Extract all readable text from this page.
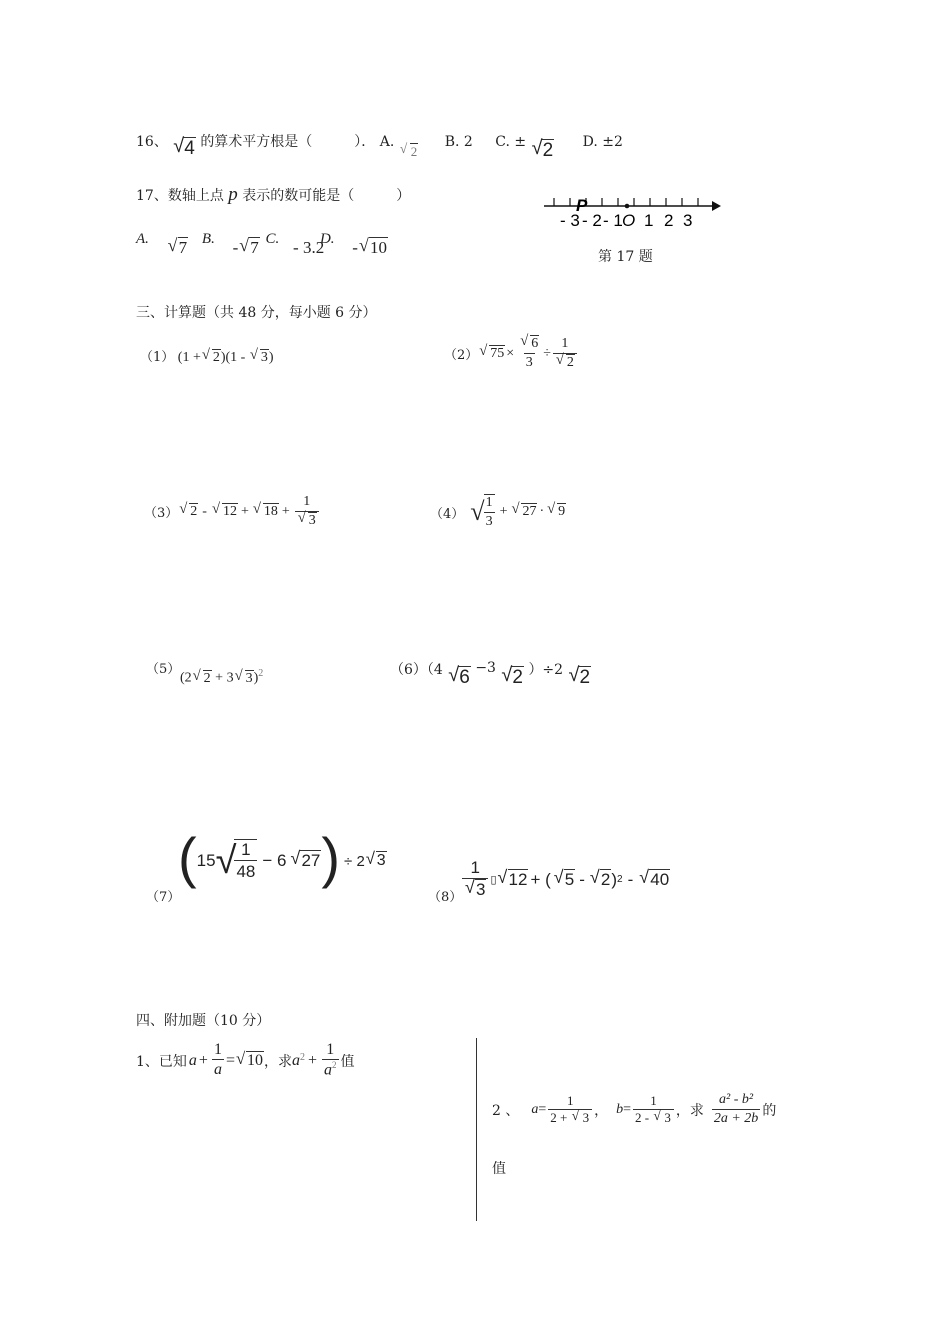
16、 √ 4 的算术平方根是（　　　）． A. √ 2 B. 2 C. ± √ 2 D. ±2
17、数轴上点 p 表示的数可能是（　　　）
A. √ 7 B. - √ 7 C. - 3.2 D. - √ 10
P
- 3 - 2 - 1 O 1 2 3
第 17 题
三、计算题（共 48 分，每小题 6 分）
（1） (1 + √ 2)(1 - √ 3)	（2） √ 75 × √ $\frac{6}{3} \div 1$
√ 2
（3） √ 2 -	√ 12 +	√ 18 + 1
√ 3	（4） √ $\frac{1}{3}$ +	√ 27 ·	√ 9
（5）
(2 √ 2 + 3 √ 3)$^2$	（6）（4 √ 6 −3 √ 2 ）÷2 √ 2
（7）
( 15 √
$\frac{1}{48} - 6$ √ 27 ) ÷ 2 √ 3
（8） 1
√ 3 ▯ √ 12 + ( √ 5 - √ 2 ) 2 -	√ 40
四、附加题（10 分）
1、已知 $a + \frac{1}{a}$ = √ 10 ，求 $a^2 + \frac{1}{a^2}$ 值
2 、 $a = \frac{1}{2 + √ 3}$ ， $b = \frac{1}{2 - √ 3}$ ，求 $\frac{\text{a² - b²}}{2a + 2b}$ 的
值
